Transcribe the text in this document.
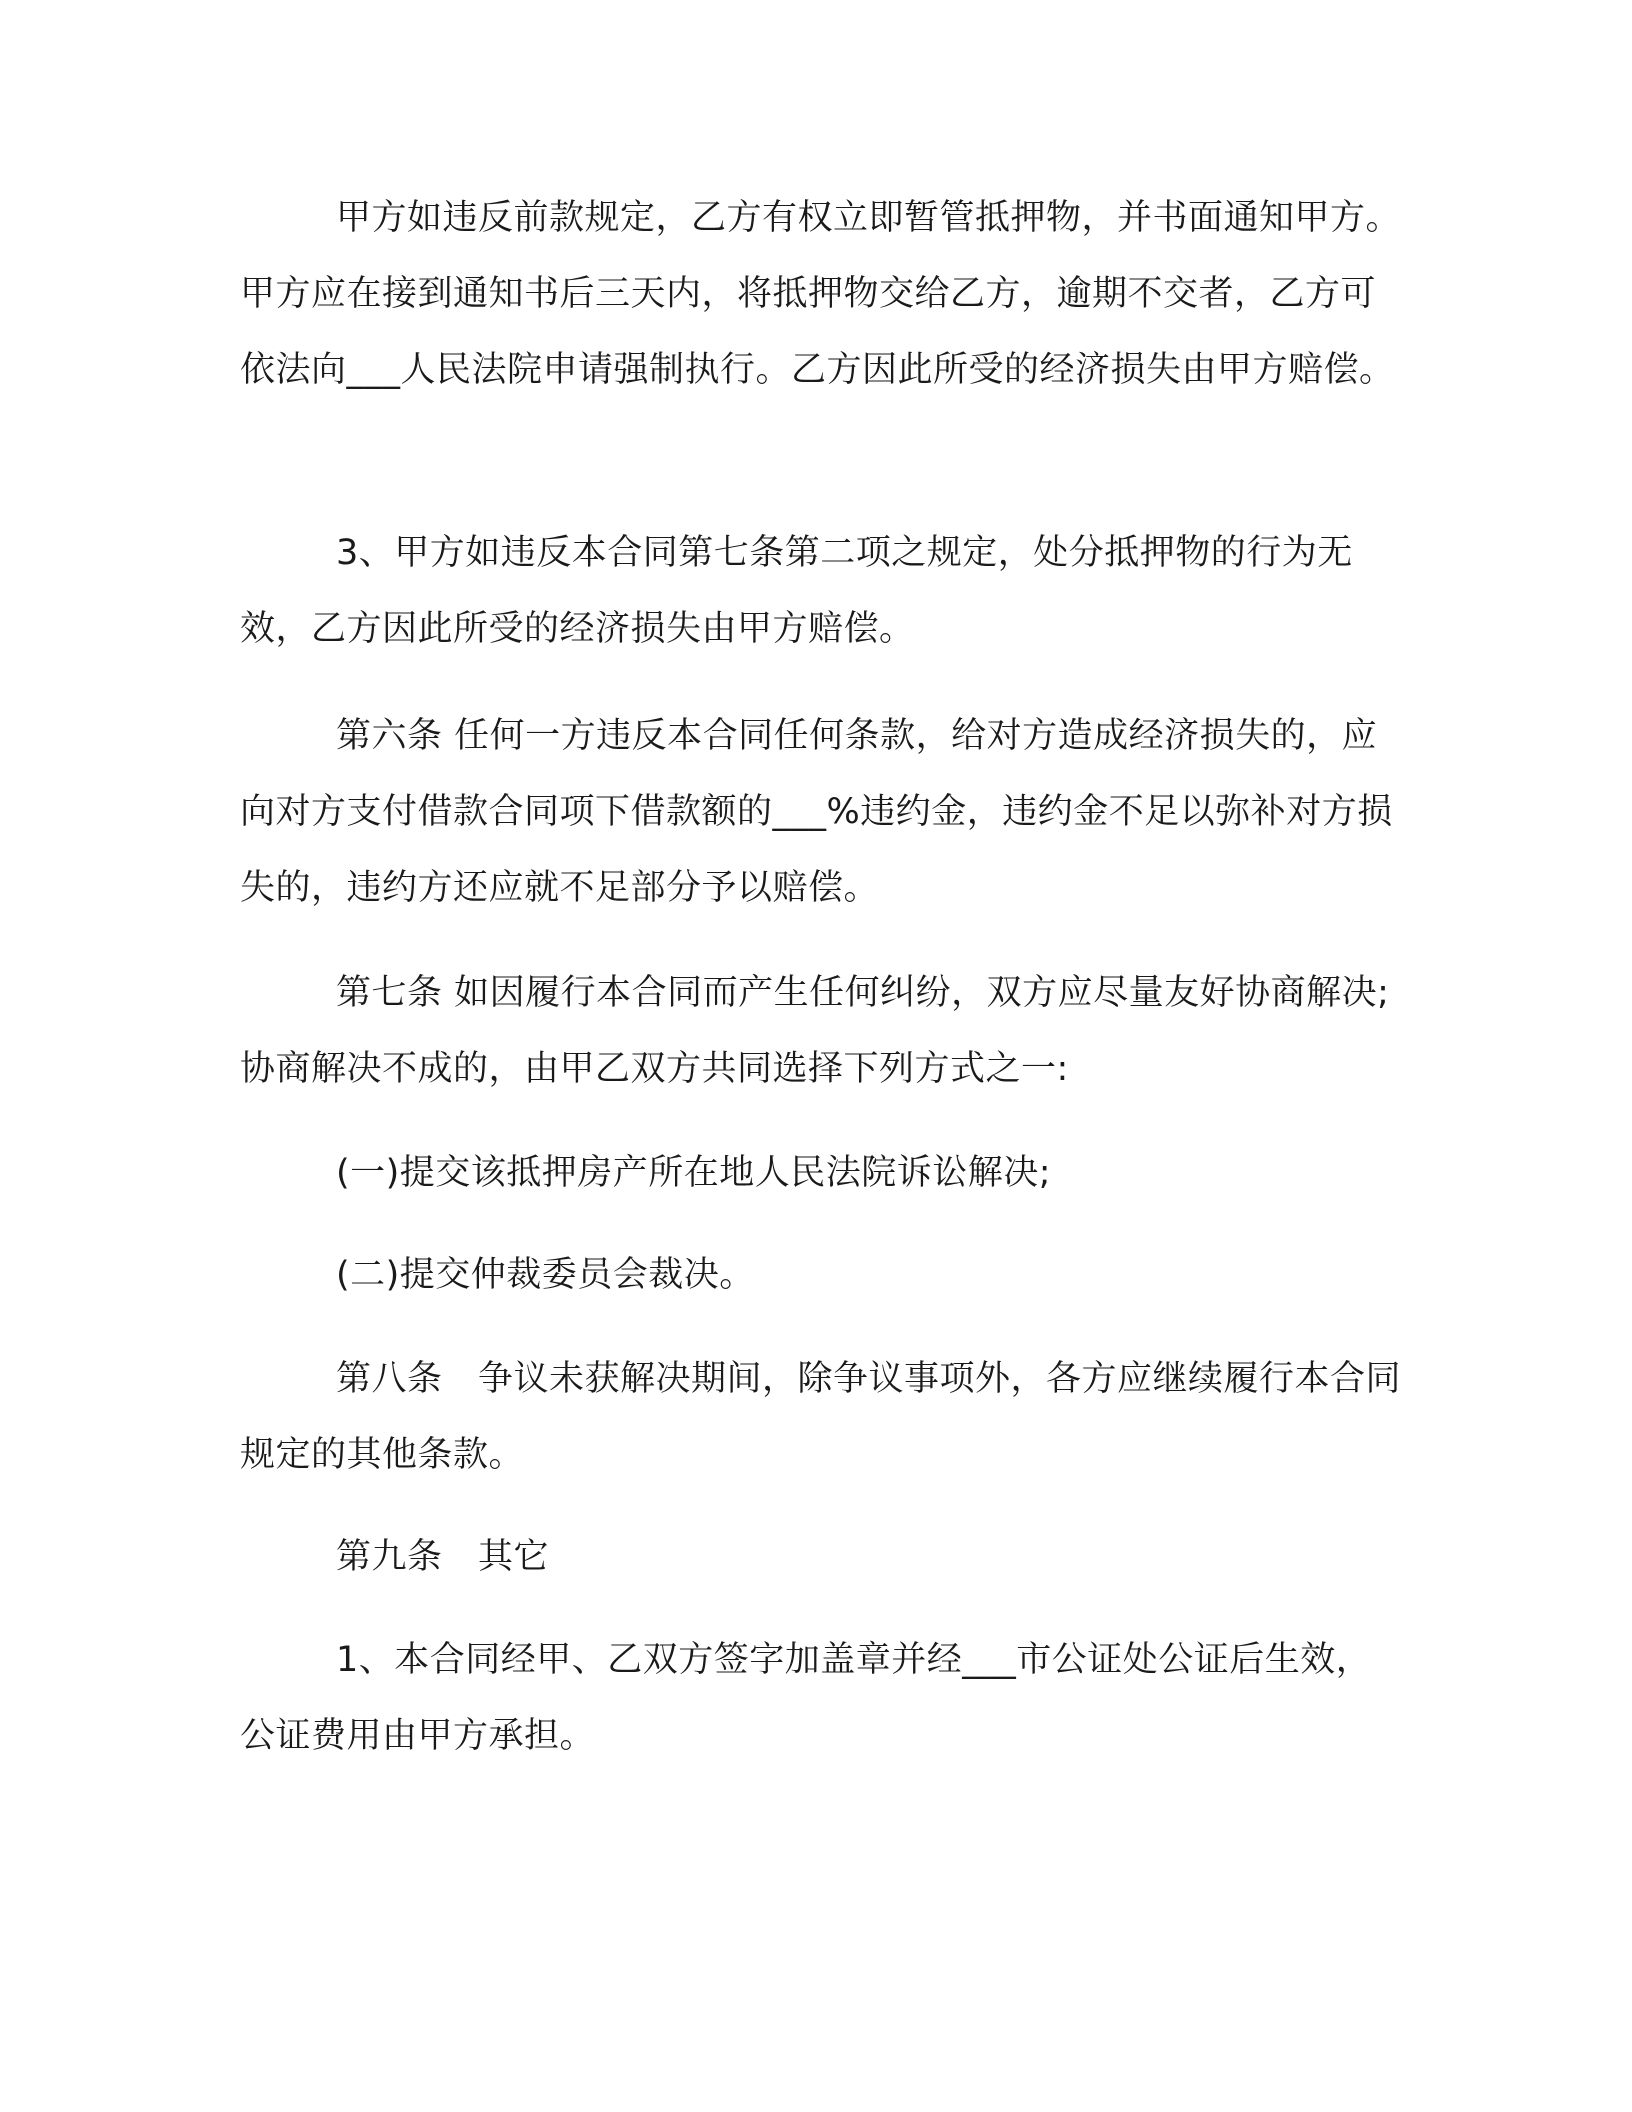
甲方如违反前款规定，乙方有权立即暂管抵押物，并书面通知甲方。甲方应在接到通知书后三天内，将抵押物交给乙方，逾期不交者，乙方可依法向___人民法院申请强制执行。乙方因此所受的经济损失由甲方赔偿。

3、甲方如违反本合同第七条第二项之规定，处分抵押物的行为无效，乙方因此所受的经济损失由甲方赔偿。

第六条 任何一方违反本合同任何条款，给对方造成经济损失的，应向对方支付借款合同项下借款额的___%违约金，违约金不足以弥补对方损失的，违约方还应就不足部分予以赔偿。

第七条 如因履行本合同而产生任何纠纷，双方应尽量友好协商解决;协商解决不成的，由甲乙双方共同选择下列方式之一:

(一)提交该抵押房产所在地人民法院诉讼解决;

(二)提交仲裁委员会裁决。

第八条　争议未获解决期间，除争议事项外，各方应继续履行本合同规定的其他条款。

第九条　其它

1、本合同经甲、乙双方签字加盖章并经___市公证处公证后生效，公证费用由甲方承担。
